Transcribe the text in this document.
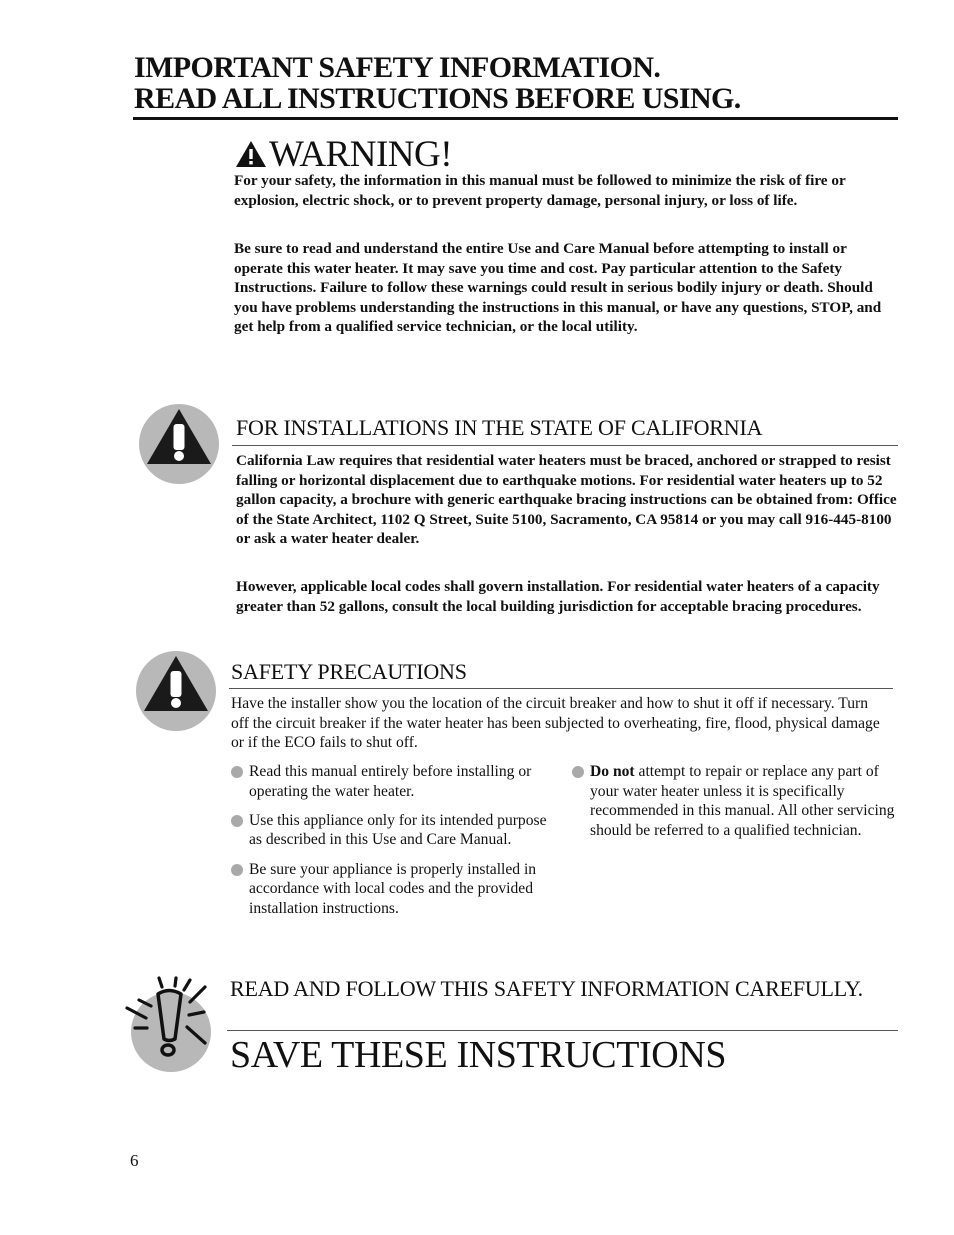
IMPORTANT SAFETY INFORMATION.
READ ALL INSTRUCTIONS BEFORE USING.
WARNING!
For your safety, the information in this manual must be followed to minimize the risk of fire or explosion, electric shock, or to prevent property damage, personal injury, or loss of life.
Be sure to read and understand the entire Use and Care Manual before attempting to install or operate this water heater. It may save you time and cost. Pay particular attention to the Safety Instructions. Failure to follow these warnings could result in serious bodily injury or death. Should you have problems understanding the instructions in this manual, or have any questions, STOP, and get help from a qualified service technician, or the local utility.
FOR INSTALLATIONS IN THE STATE OF CALIFORNIA
California Law requires that residential water heaters must be braced, anchored or strapped to resist falling or horizontal displacement due to earthquake motions. For residential water heaters up to 52 gallon capacity, a brochure with generic earthquake bracing instructions can be obtained from: Office of the State Architect, 1102 Q Street, Suite 5100, Sacramento, CA 95814 or you may call 916-445-8100 or ask a water heater dealer.
However, applicable local codes shall govern installation. For residential water heaters of a capacity greater than 52 gallons, consult the local building jurisdiction for acceptable bracing procedures.
SAFETY PRECAUTIONS
Have the installer show you the location of the circuit breaker and how to shut it off if necessary. Turn off the circuit breaker if the water heater has been subjected to overheating, fire, flood, physical damage or if the ECO fails to shut off.
Read this manual entirely before installing or operating the water heater.
Use this appliance only for its intended purpose as described in this Use and Care Manual.
Be sure your appliance is properly installed in accordance with local codes and the provided installation instructions.
Do not attempt to repair or replace any part of your water heater unless it is specifically recommended in this manual. All other servicing should be referred to a qualified technician.
READ AND FOLLOW THIS SAFETY INFORMATION CAREFULLY.
SAVE THESE INSTRUCTIONS
6
